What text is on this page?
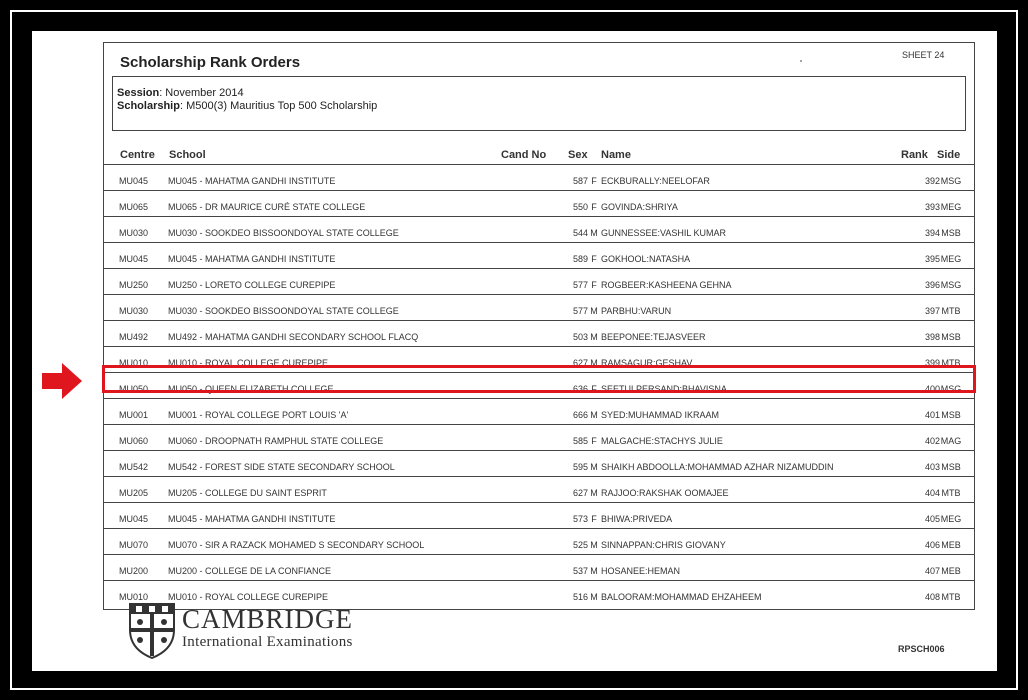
Scholarship Rank Orders	SHEET 24
Session: November 2014
Scholarship: M500(3) Mauritius Top 500 Scholarship
Centre School	Cand No Sex Name	Rank Side
MU045 MU045 - MAHATMA GANDHI INSTITUTE	587 F ECKBURALLY:NEELOFAR	392 MSG
MU065 MU065 - DR MAURICE CURÉ STATE COLLEGE	550 F GOVINDA:SHRIYA	393 MEG
MU030 MU030 - SOOKDEO BISSOONDOYAL STATE COLLEGE	544 M GUNNESSEE:VASHIL KUMAR	394 MSB
MU045 MU045 - MAHATMA GANDHI INSTITUTE	589 F GOKHOOL:NATASHA	395 MEG
MU250 MU250 - LORETO COLLEGE CUREPIPE	577 F ROGBEER:KASHEENA GEHNA	396 MSG
MU030 MU030 - SOOKDEO BISSOONDOYAL STATE COLLEGE	577 M PARBHU:VARUN	397 MTB
MU492 MU492 - MAHATMA GANDHI SECONDARY SCHOOL FLACQ	503 M BEEPONEE:TEJASVEER	398 MSB
MU010 MU010 - ROYAL COLLEGE CUREPIPE	627 M RAMSAGUR:GESHAV	399 MTB
MU050 MU050 - QUEEN ELIZABETH COLLEGE	636 F SEETULPERSAND:BHAVISNA	400 MSG
MU001 MU001 - ROYAL COLLEGE PORT LOUIS 'A'	666 M SYED:MUHAMMAD IKRAAM	401 MSB
MU060 MU060 - DROOPNATH RAMPHUL STATE COLLEGE	585 F MALGACHE:STACHYS JULIE	402 MAG
MU542 MU542 - FOREST SIDE STATE SECONDARY SCHOOL	595 M SHAIKH ABDOOLLA:MOHAMMAD AZHAR NIZAMUDDIN	403 MSB
MU205 MU205 - COLLEGE DU SAINT ESPRIT	627 M RAJJOO:RAKSHAK OOMAJEE	404 MTB
MU045 MU045 - MAHATMA GANDHI INSTITUTE	573 F BHIWA:PRIVEDA	405 MEG
MU070 MU070 - SIR A RAZACK MOHAMED S SECONDARY SCHOOL	525 M SINNAPPAN:CHRIS GIOVANY	406 MEB
MU200 MU200 - COLLEGE DE LA CONFIANCE	537 M HOSANEE:HEMAN	407 MEB
MU010 MU010 - ROYAL COLLEGE CUREPIPE	516 M BALOORAM:MOHAMMAD EHZAHEEM	408 MTB
CAMBRIDGE
International Examinations	RPSCH006
